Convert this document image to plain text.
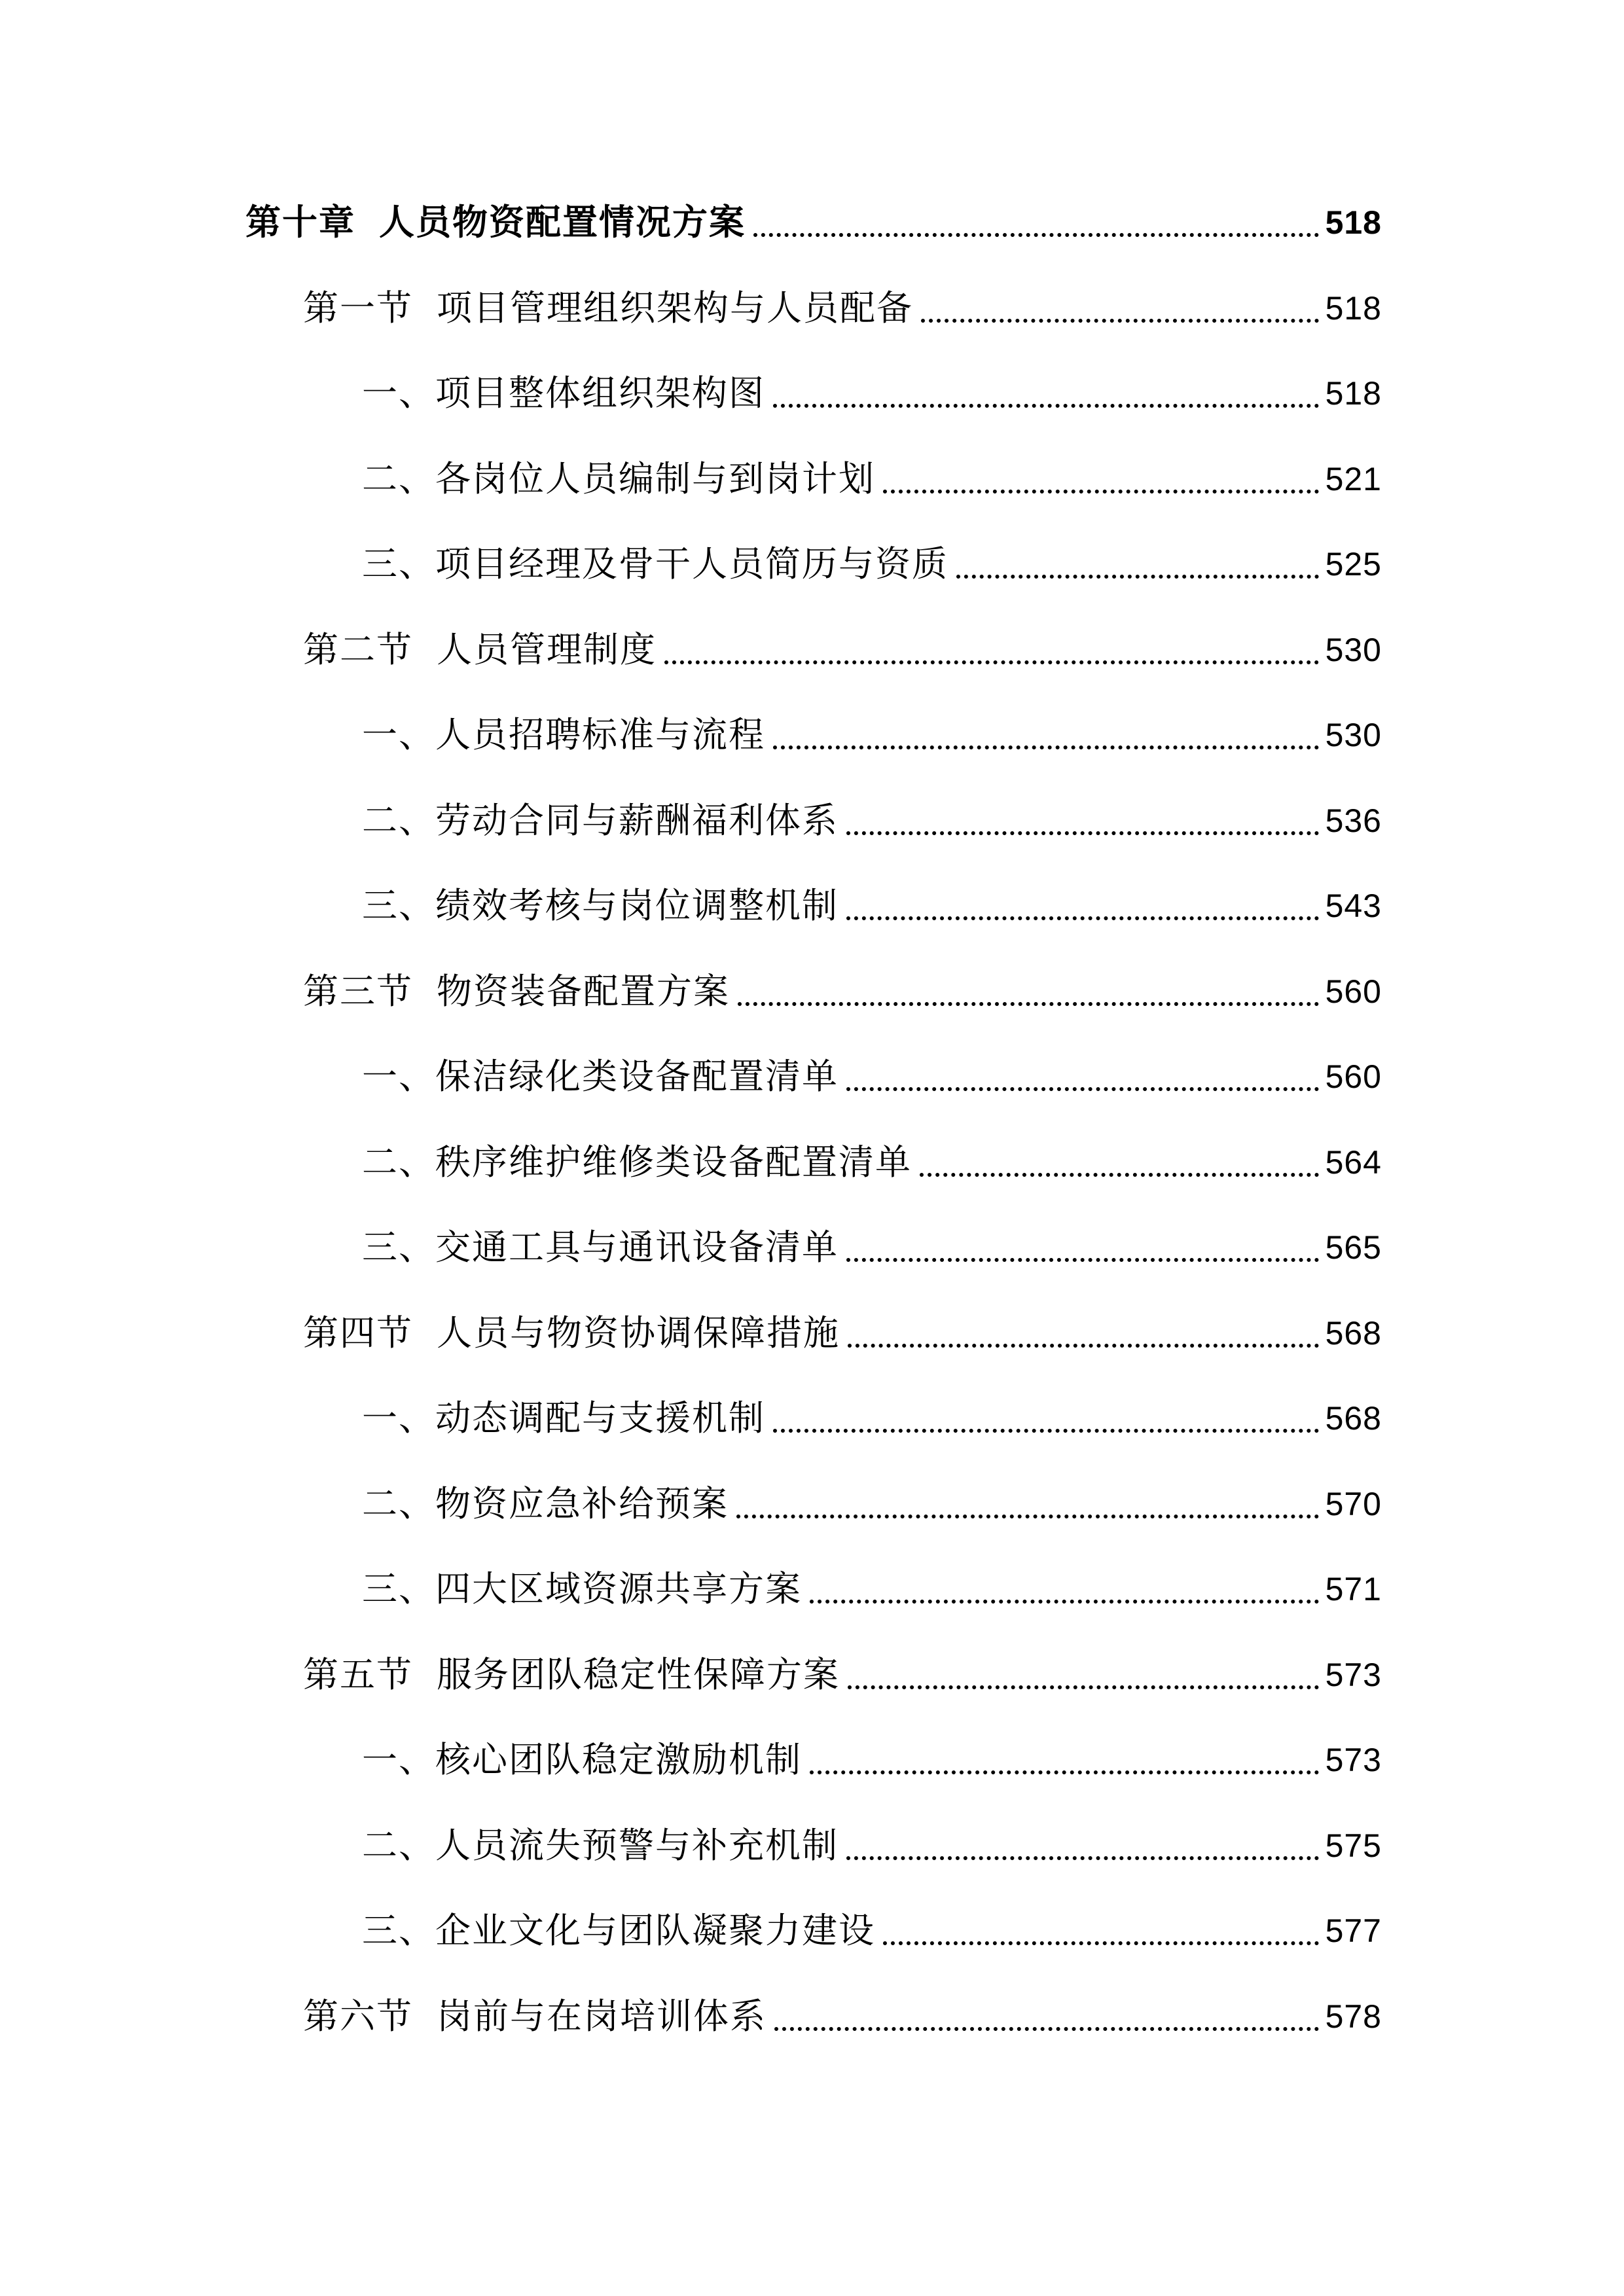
第十章 人员物资配置情况方案	518
第一节 项目管理组织架构与人员配备	518
一、项目整体组织架构图	518
二、各岗位人员编制与到岗计划	521
三、项目经理及骨干人员简历与资质	525
第二节 人员管理制度	530
一、人员招聘标准与流程	530
二、劳动合同与薪酬福利体系	536
三、绩效考核与岗位调整机制	543
第三节 物资装备配置方案	560
一、保洁绿化类设备配置清单	560
二、秩序维护维修类设备配置清单	564
三、交通工具与通讯设备清单	565
第四节 人员与物资协调保障措施	568
一、动态调配与支援机制	568
二、物资应急补给预案	570
三、四大区域资源共享方案	571
第五节 服务团队稳定性保障方案	573
一、核心团队稳定激励机制	573
二、人员流失预警与补充机制	575
三、企业文化与团队凝聚力建设	577
第六节 岗前与在岗培训体系	578
